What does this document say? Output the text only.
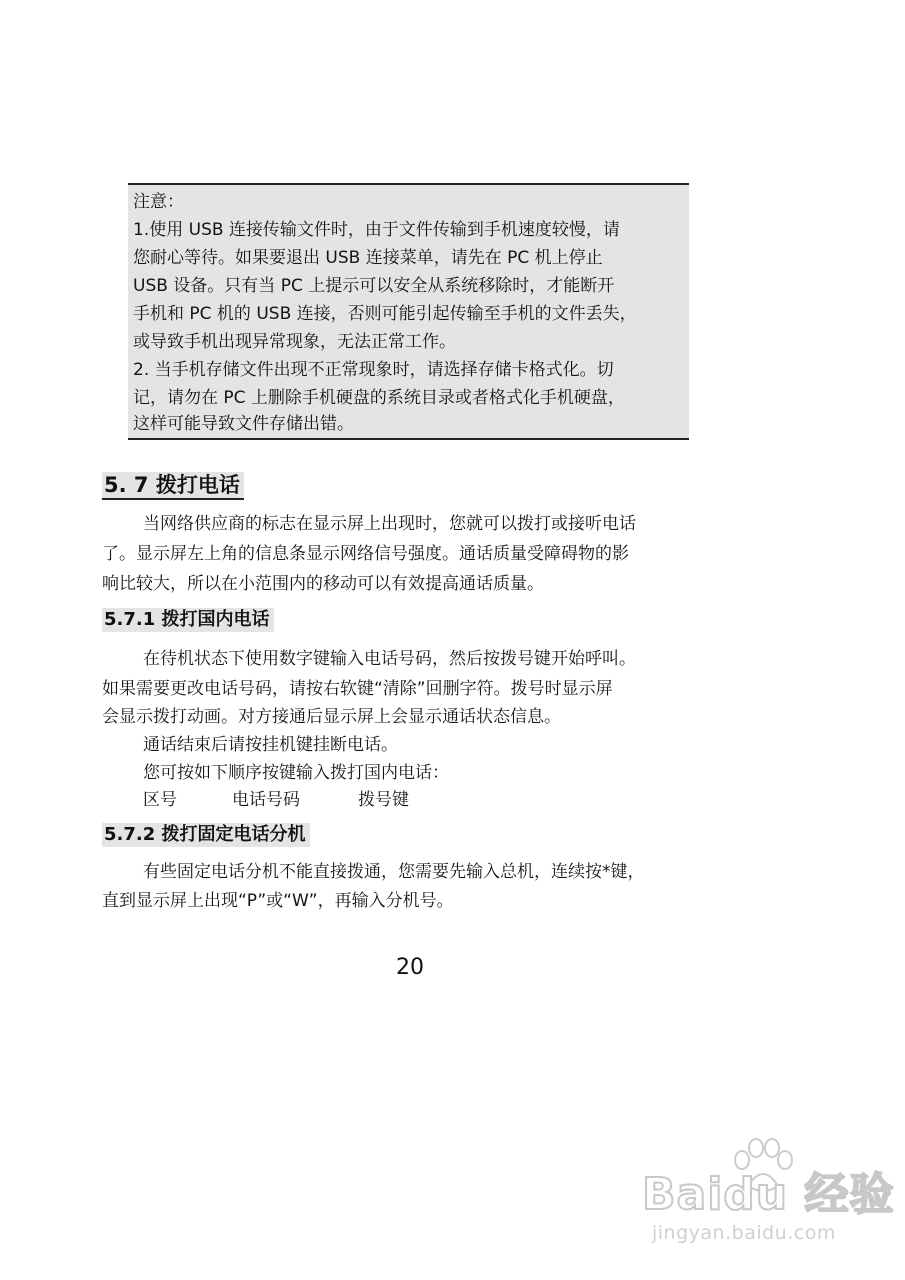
注意：
1.使用 USB 连接传输文件时，由于文件传输到手机速度较慢，请
您耐心等待。如果要退出 USB 连接菜单，请先在 PC 机上停止
USB 设备。只有当 PC 上提示可以安全从系统移除时，才能断开
手机和 PC 机的 USB 连接，否则可能引起传输至手机的文件丢失，
或导致手机出现异常现象，无法正常工作。
2. 当手机存储文件出现不正常现象时，请选择存储卡格式化。切
记，请勿在 PC 上删除手机硬盘的系统目录或者格式化手机硬盘，
这样可能导致文件存储出错。
5. 7 拨打电话
当网络供应商的标志在显示屏上出现时，您就可以拨打或接听电话
了。显示屏左上角的信息条显示网络信号强度。通话质量受障碍物的影
响比较大，所以在小范围内的移动可以有效提高通话质量。
5.7.1 拨打国内电话
在待机状态下使用数字键输入电话号码，然后按拨号键开始呼叫。
如果需要更改电话号码，请按右软键“清除”回删字符。拨号时显示屏
会显示拨打动画。对方接通后显示屏上会显示通话状态信息。
通话结束后请按挂机键挂断电话。
您可按如下顺序按键输入拨打国内电话：
区号	电话号码	拨号键
5.7.2 拨打固定电话分机
有些固定电话分机不能直接拨通，您需要先输入总机，连续按*键，
直到显示屏上出现“P”或“W”，再输入分机号。
20
Baidu 经验
jingyan.baidu.com
